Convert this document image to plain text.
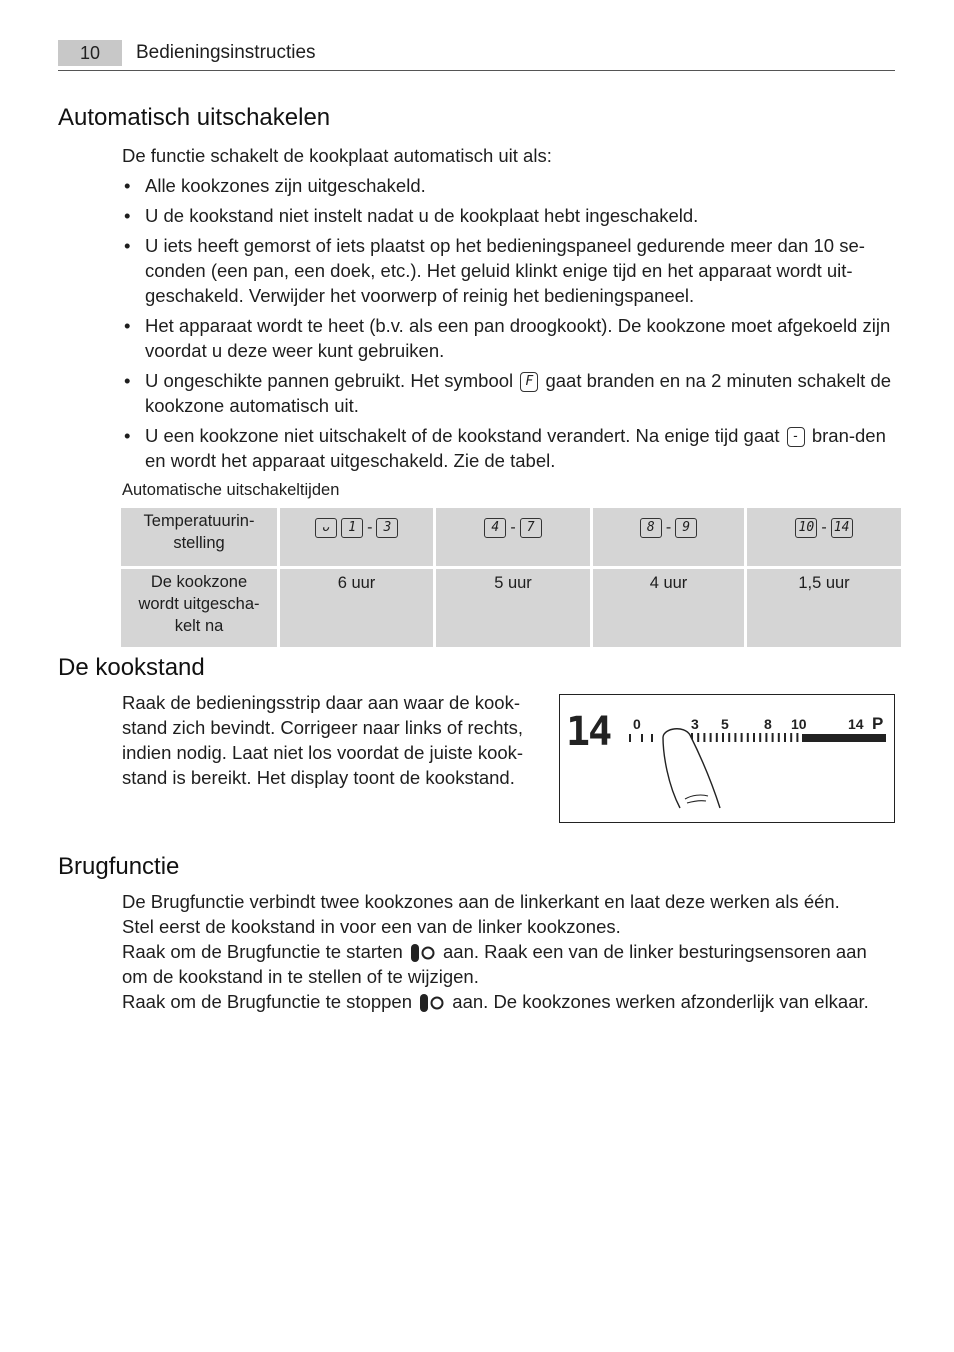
10	Bedieningsinstructies
Automatisch uitschakelen
De functie schakelt de kookplaat automatisch uit als:
• Alle kookzones zijn uitgeschakeld.
• U de kookstand niet instelt nadat u de kookplaat hebt ingeschakeld.
• U iets heeft gemorst of iets plaatst op het bedieningspaneel gedurende meer dan 10 se-conden (een pan, een doek, etc.). Het geluid klinkt enige tijd en het apparaat wordt uit-geschakeld. Verwijder het voorwerp of reinig het bedieningspaneel.
• Het apparaat wordt te heet (b.v. als een pan droogkookt). De kookzone moet afgekoeld zijn voordat u deze weer kunt gebruiken.
• U ongeschikte pannen gebruikt. Het symbool F gaat branden en na 2 minuten schakelt de kookzone automatisch uit.
• U een kookzone niet uitschakelt of de kookstand verandert. Na enige tijd gaat - bran-den en wordt het apparaat uitgeschakeld. Zie de tabel.
Automatische uitschakeltijden
Temperatuurin-stelling	ᴗ 1 - 3	4 - 7	8 - 9	10 - 14
De kookzone wordt uitgescha-kelt na	6 uur	5 uur	4 uur	1,5 uur
De kookstand
Raak de bedieningsstrip daar aan waar de kook-stand zich bevindt. Corrigeer naar links of rechts, indien nodig. Laat niet los voordat de juiste kook-stand is bereikt. Het display toont de kookstand.
14 0	3 5	8 10	14 P
Brugfunctie
De Brugfunctie verbindt twee kookzones aan de linkerkant en laat deze werken als één.
Stel eerst de kookstand in voor een van de linker kookzones.
Raak om de Brugfunctie te starten aan. Raak een van de linker besturingsensoren aan
om de kookstand in te stellen of te wijzigen.
Raak om de Brugfunctie te stoppen aan. De kookzones werken afzonderlijk van elkaar.
